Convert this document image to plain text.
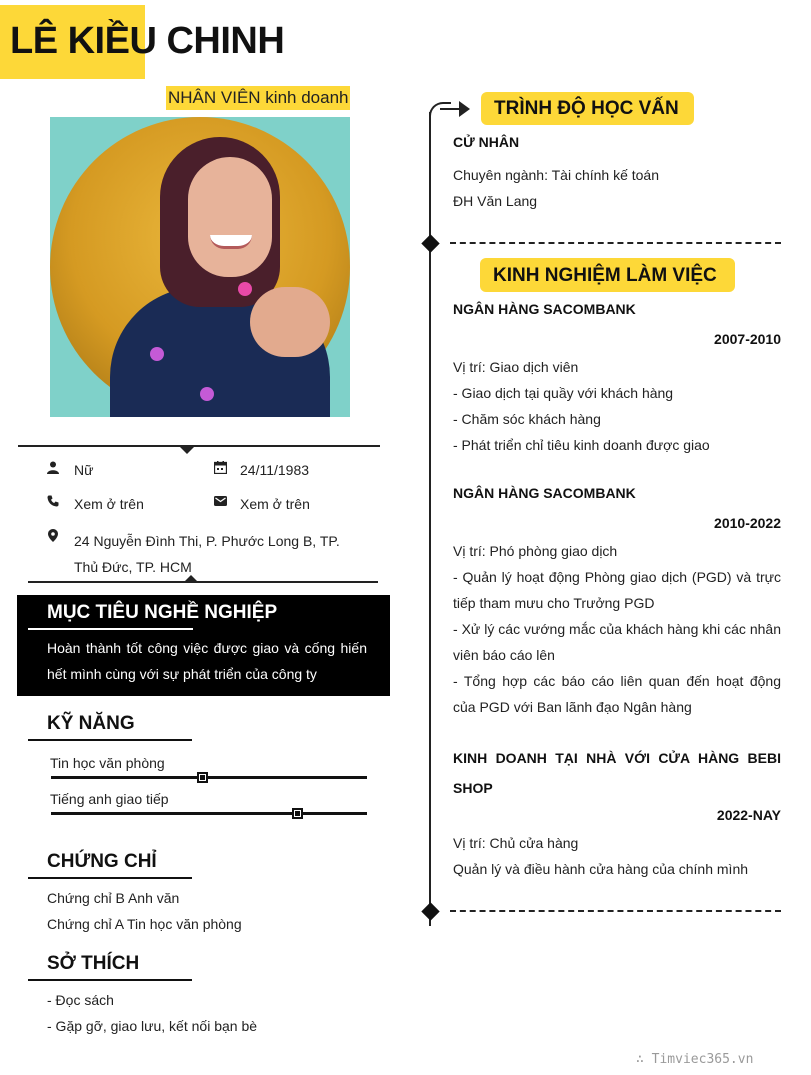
LÊ KIỀU CHINH
NHÂN VIÊN kinh doanh
Nữ	24/11/1983
Xem ở trên	Xem ở trên
24 Nguyễn Đình Thi, P. Phước Long B, TP. Thủ Đức, TP. HCM
MỤC TIÊU NGHỀ NGHIỆP
Hoàn thành tốt công việc được giao và cống hiến hết mình cùng với sự phát triển của công ty
KỸ NĂNG
Tin học văn phòng
Tiếng anh giao tiếp
CHỨNG CHỈ
Chứng chỉ B Anh văn
Chứng chỉ A Tin học văn phòng
SỞ THÍCH
- Đọc sách
- Gặp gỡ, giao lưu, kết nối bạn bè
TRÌNH ĐỘ HỌC VẤN
CỬ NHÂN
Chuyên ngành: Tài chính kế toán
ĐH Văn Lang
KINH NGHIỆM LÀM VIỆC
NGÂN HÀNG SACOMBANK
2007-2010
Vị trí: Giao dịch viên
- Giao dịch tại quầy với khách hàng
- Chăm sóc khách hàng
- Phát triển chỉ tiêu kinh doanh được giao
NGÂN HÀNG SACOMBANK
2010-2022
Vị trí: Phó phòng giao dịch
- Quản lý hoạt động Phòng giao dịch (PGD) và trực tiếp tham mưu cho Trưởng PGD
- Xử lý các vướng mắc của khách hàng khi các nhân viên báo cáo lên
- Tổng hợp các báo cáo liên quan đến hoạt động của PGD với Ban lãnh đạo Ngân hàng
KINH DOANH TẠI NHÀ VỚI CỬA HÀNG BEBI SHOP
2022-NAY
Vị trí: Chủ cửa hàng
Quản lý và điều hành cửa hàng của chính mình
∴ Timviec365.vn
